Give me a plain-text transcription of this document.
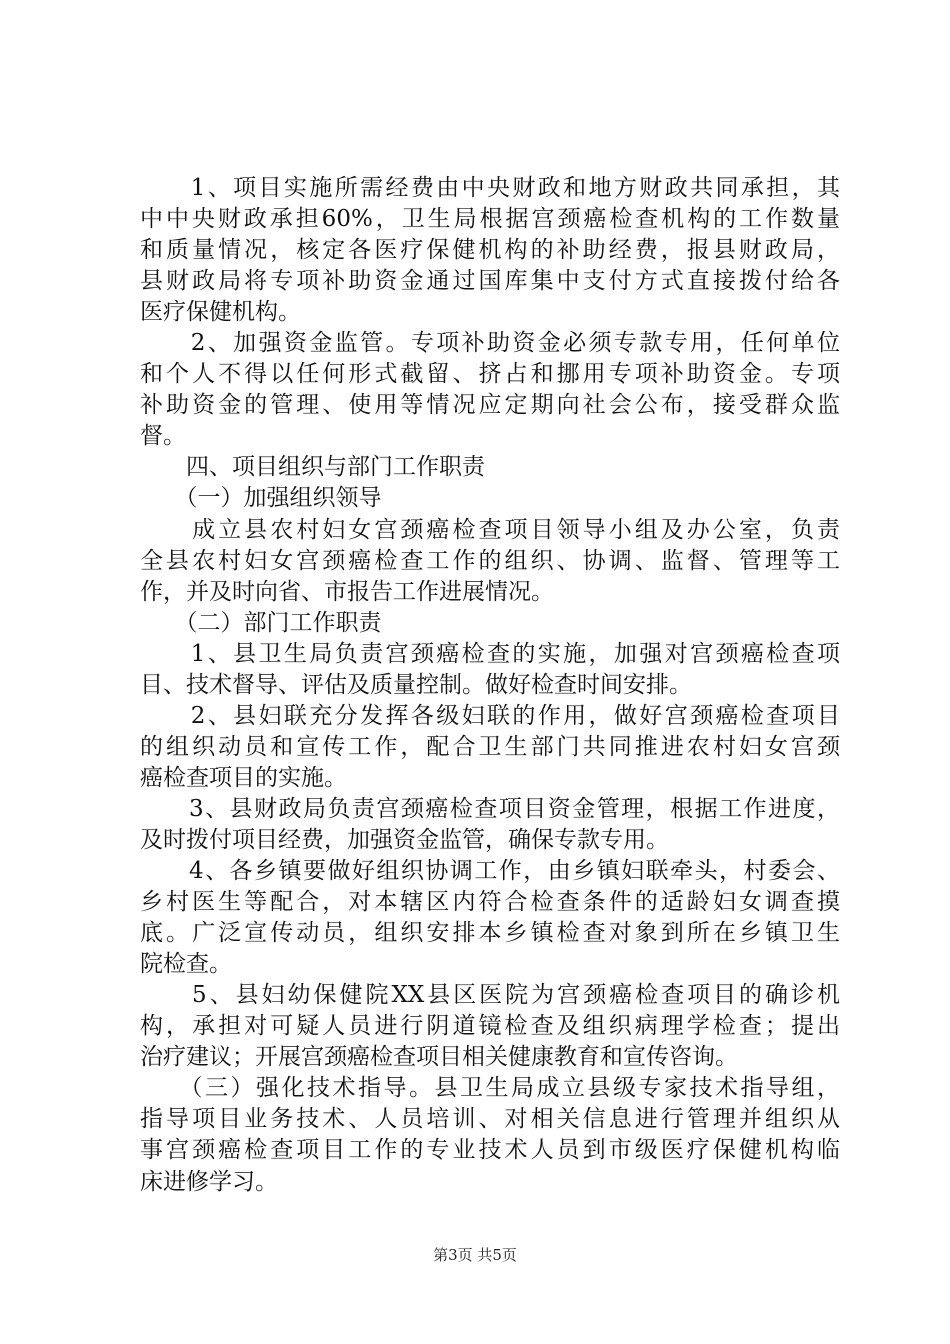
　　1、项目实施所需经费由中央财政和地方财政共同承担，其
中中央财政承担60%，卫生局根据宫颈癌检查机构的工作数量
和质量情况，核定各医疗保健机构的补助经费，报县财政局，
县财政局将专项补助资金通过国库集中支付方式直接拨付给各
医疗保健机构。
　　2、加强资金监管。专项补助资金必须专款专用，任何单位
和个人不得以任何形式截留、挤占和挪用专项补助资金。专项
补助资金的管理、使用等情况应定期向社会公布，接受群众监
督。
　　四、项目组织与部门工作职责
　　（一）加强组织领导
　　成立县农村妇女宫颈癌检查项目领导小组及办公室，负责
全县农村妇女宫颈癌检查工作的组织、协调、监督、管理等工
作，并及时向省、市报告工作进展情况。
　　（二）部门工作职责
　　1、县卫生局负责宫颈癌检查的实施，加强对宫颈癌检查项
目、技术督导、评估及质量控制。做好检查时间安排。
　　2、县妇联充分发挥各级妇联的作用，做好宫颈癌检查项目
的组织动员和宣传工作，配合卫生部门共同推进农村妇女宫颈
癌检查项目的实施。
　　3、县财政局负责宫颈癌检查项目资金管理，根据工作进度，
及时拨付项目经费，加强资金监管，确保专款专用。
　　4、各乡镇要做好组织协调工作，由乡镇妇联牵头，村委会、
乡村医生等配合，对本辖区内符合检查条件的适龄妇女调查摸
底。广泛宣传动员，组织安排本乡镇检查对象到所在乡镇卫生
院检查。
　　5、县妇幼保健院XX县区医院为宫颈癌检查项目的确诊机
构，承担对可疑人员进行阴道镜检查及组织病理学检查；提出
治疗建议；开展宫颈癌检查项目相关健康教育和宣传咨询。
　　（三）强化技术指导。县卫生局成立县级专家技术指导组，
指导项目业务技术、人员培训、对相关信息进行管理并组织从
事宫颈癌检查项目工作的专业技术人员到市级医疗保健机构临
床进修学习。
第3页 共5页
